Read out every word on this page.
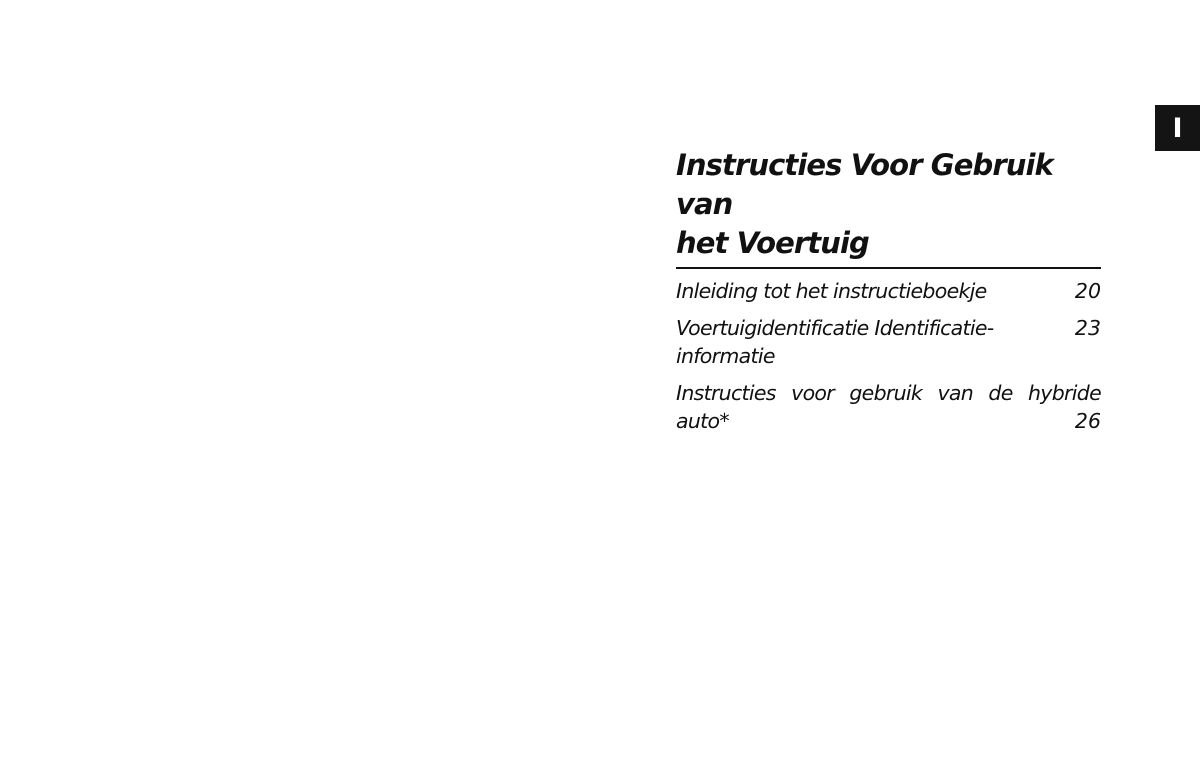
I
Instructies Voor Gebruik van
het Voertuig
Inleiding tot het instructieboekje	20
Voertuigidentificatie Identificatie-informatie
23
Instructies voor gebruik van de hybride
auto*	26
